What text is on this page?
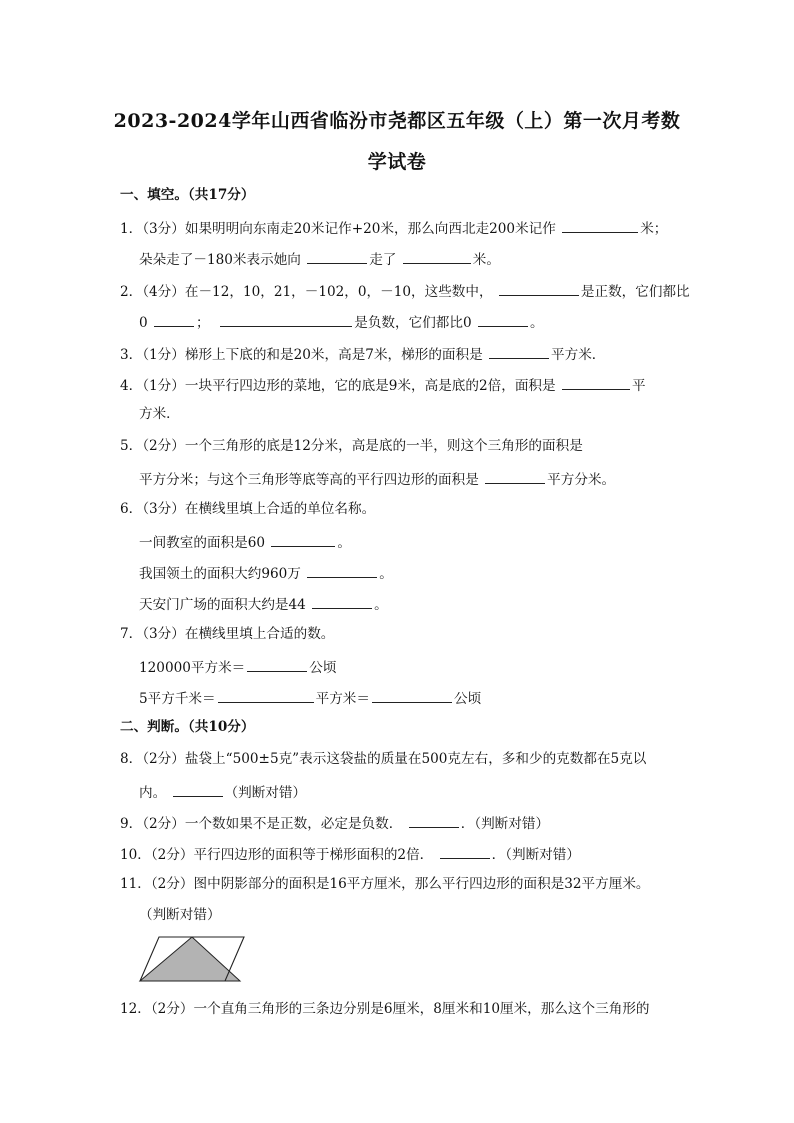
2023-2024学年山西省临汾市尧都区五年级（上）第一次月考数
学试卷
一、填空。（共17分）
1．（3分）如果明明向东南走20米记作+20米，那么向西北走200米记作	米；
朵朵走了－180米表示她向	走了	米。
2．（4分）在－12，10，21，－102，0，－10，这些数中，	是正数，它们都比
0	；	是负数，它们都比0	。
3．（1分）梯形上下底的和是20米，高是7米，梯形的面积是	平方米．
4．（1分）一块平行四边形的菜地，它的底是9米，高是底的2倍，面积是	平
方米．
5．（2分）一个三角形的底是12分米，高是底的一半，则这个三角形的面积是
平方分米；与这个三角形等底等高的平行四边形的面积是	平方分米。
6．（3分）在横线里填上合适的单位名称。
一间教室的面积是60	。
我国领土的面积大约960万	。
天安门广场的面积大约是44	。
7．（3分）在横线里填上合适的数。
120000平方米＝	公顷
5平方千米＝	平方米＝	公顷
二、判断。（共10分）
8．（2分）盐袋上“500±5克”表示这袋盐的质量在500克左右，多和少的克数都在5克以
内。	（判断对错）
9．（2分）一个数如果不是正数，必定是负数．	．（判断对错）
10．（2分）平行四边形的面积等于梯形面积的2倍．	．（判断对错）
11．（2分）图中阴影部分的面积是16平方厘米，那么平行四边形的面积是32平方厘米。
（判断对错）
12．（2分）一个直角三角形的三条边分别是6厘米，8厘米和10厘米，那么这个三角形的
